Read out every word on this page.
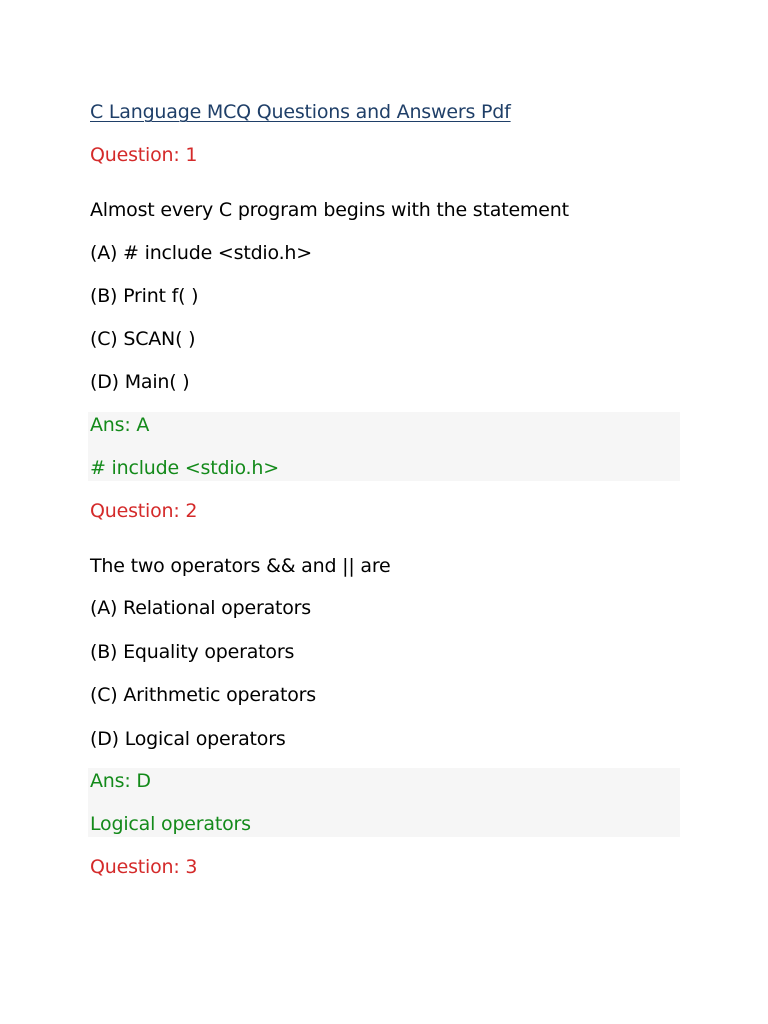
C Language MCQ Questions and Answers Pdf
Question: 1
Almost every C program begins with the statement
(A) # include <stdio.h>
(B) Print f( )
(C) SCAN( )
(D) Main( )
Ans: A
# include <stdio.h>
Question: 2
The two operators && and || are
(A) Relational operators
(B) Equality operators
(C) Arithmetic operators
(D) Logical operators
Ans: D
Logical operators
Question: 3
